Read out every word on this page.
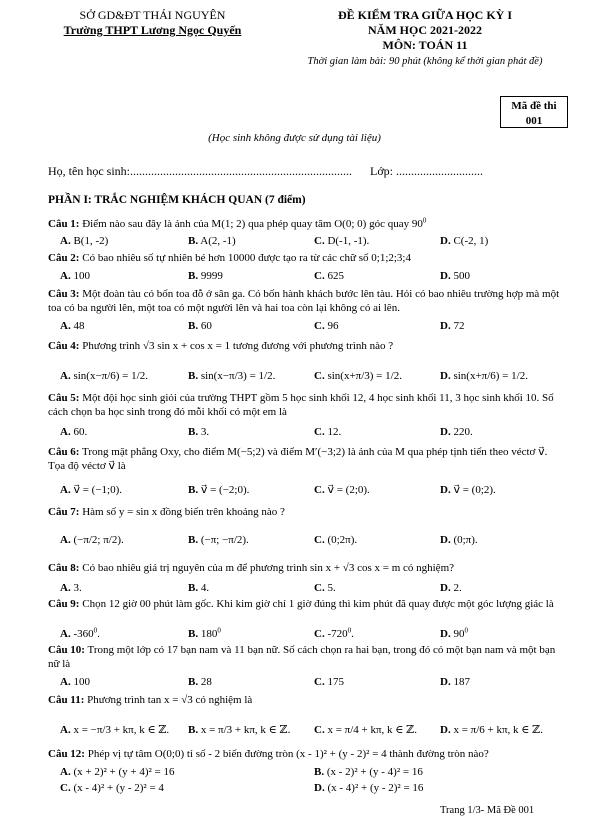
SỞ GD&ĐT THÁI NGUYÊN
Trường THPT Lương Ngọc Quyến
ĐỀ KIỂM TRA GIỮA HỌC KỲ I
NĂM HỌC 2021-2022
MÔN: TOÁN 11
Thời gian làm bài: 90 phút (không kể thời gian phát đề)
Mã đề thi
001
(Học sinh không được sử dụng tài liệu)
Họ, tên học sinh:.......................................................................... Lớp: .............................
PHẦN I: TRẮC NGHIỆM KHÁCH QUAN (7 điểm)
Câu 1: Điểm nào sau đây là ảnh của M(1; 2) qua phép quay tâm O(0; 0) góc quay $90^0$
A. B(1, -2)	B. A(2, -1)	C. D(-1, -1).	D. C(-2, 1)
Câu 2: Có bao nhiêu số tự nhiên bé hơn 10000 được tạo ra từ các chữ số 0;1;2;3;4
A. 100	B. 9999	C. 625	D. 500
Câu 3: Một đoàn tàu có bốn toa đỗ ở sân ga. Có bốn hành khách bước lên tàu. Hỏi có bao nhiêu trường hợp mà một toa có ba người lên, một toa có một người lên và hai toa còn lại không có ai lên.
A. 48	B. 60	C. 96	D. 72
Câu 4: Phương trình √3 sin x + cos x = 1 tương đương với phương trình nào ?
A. sin(x−π/6) = 1/2.	B. sin(x−π/3) = 1/2.	C. sin(x+π/3) = 1/2.	D. sin(x+π/6) = 1/2.
Câu 5: Một đội học sinh giỏi của trường THPT gồm 5 học sinh khối 12, 4 học sinh khối 11, 3 học sinh khối 10. Số cách chọn ba học sinh trong đó mỗi khối có một em là
A. 60.	B. 3.	C. 12.	D. 220.
Câu 6: Trong mặt phẳng Oxy, cho điểm M(−5;2) và điểm M′(−3;2) là ảnh của M qua phép tịnh tiến theo véctơ v⃗. Tọa độ véctơ v⃗ là
A. v⃗ = (−1;0).	B. v⃗ = (−2;0).	C. v⃗ = (2;0).	D. v⃗ = (0;2).
Câu 7: Hàm số y = sin x đồng biến trên khoảng nào ?
A. (−π/2; π/2).	B. (−π; −π/2).	C. (0;2π).	D. (0;π).
Câu 8: Có bao nhiêu giá trị nguyên của m để phương trình sin x + √3 cos x = m có nghiệm?
A. 3.	B. 4.	C. 5.	D. 2.
Câu 9: Chọn 12 giờ 00 phút làm gốc. Khi kim giờ chỉ 1 giờ đúng thì kim phút đã quay được một góc lượng giác là
A. $-360^0$.	B. $180^0$	C. $-720^0$.	D. $90^0$
Câu 10: Trong một lớp có 17 bạn nam và 11 bạn nữ. Số cách chọn ra hai bạn, trong đó có một bạn nam và một bạn nữ là
A. 100	B. 28	C. 175	D. 187
Câu 11: Phương trình tan x = √3 có nghiệm là
A. x = −π/3 + kπ, k ∈ ℤ. B. x = π/3 + kπ, k ∈ ℤ. C. x = π/4 + kπ, k ∈ ℤ. D. x = π/6 + kπ, k ∈ ℤ.
Câu 12: Phép vị tự tâm O(0;0) tỉ số - 2 biến đường tròn (x - 1)² + (y - 2)² = 4 thành đường tròn nào?
A. (x + 2)² + (y + 4)² = 16	B. (x - 2)² + (y - 4)² = 16
C. (x - 4)² + (y - 2)² = 4	D. (x - 4)² + (y - 2)² = 16
Trang 1/3- Mã Đề 001
